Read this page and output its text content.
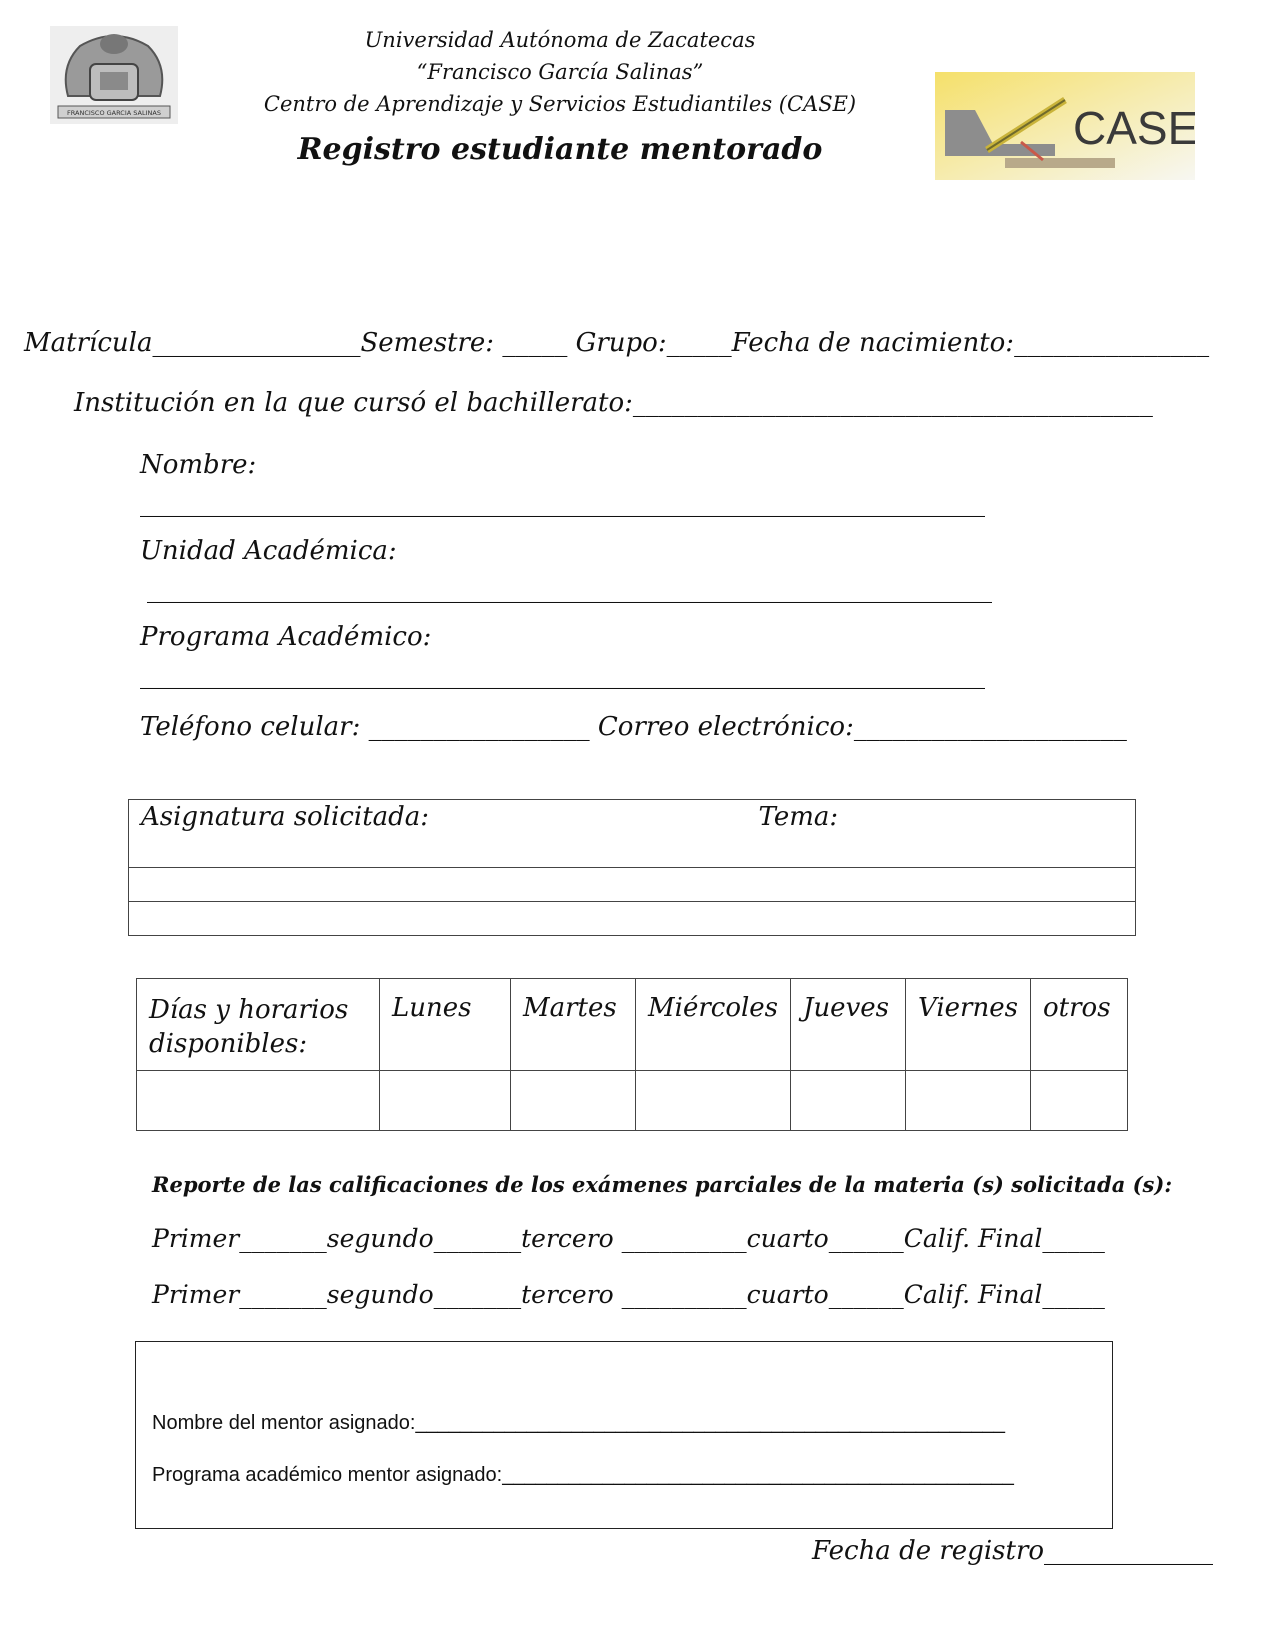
FRANCISCO GARCIA SALINAS
Universidad Autónoma de Zacatecas
“Francisco García Salinas”
Centro de Aprendizaje y Servicios Estudiantiles (CASE)
Registro estudiante mentorado	CASE
Matrícula________________Semestre: _____ Grupo:_____Fecha de nacimiento:_______________
Institución en la que cursó el bachillerato:________________________________________
Nombre:
_________________________________________________________________
Unidad Académica:
_________________________________________________________________
Programa Académico:
_________________________________________________________________
Teléfono celular: _________________ Correo electrónico:_____________________
Asignatura solicitada:	Tema:

Días y horarios disponibles:	Lunes	Martes	Miércoles	Jueves	Viernes	otros

Reporte de las calificaciones de los exámenes parciales de la materia (s) solicitada (s):
Primer_______segundo_______tercero __________cuarto______Calif. Final_____
Primer_______segundo_______tercero __________cuarto______Calif. Final_____
Nombre del mentor asignado:_____________________________________________________
Programa académico mentor asignado:______________________________________________
Fecha de registro_____________
